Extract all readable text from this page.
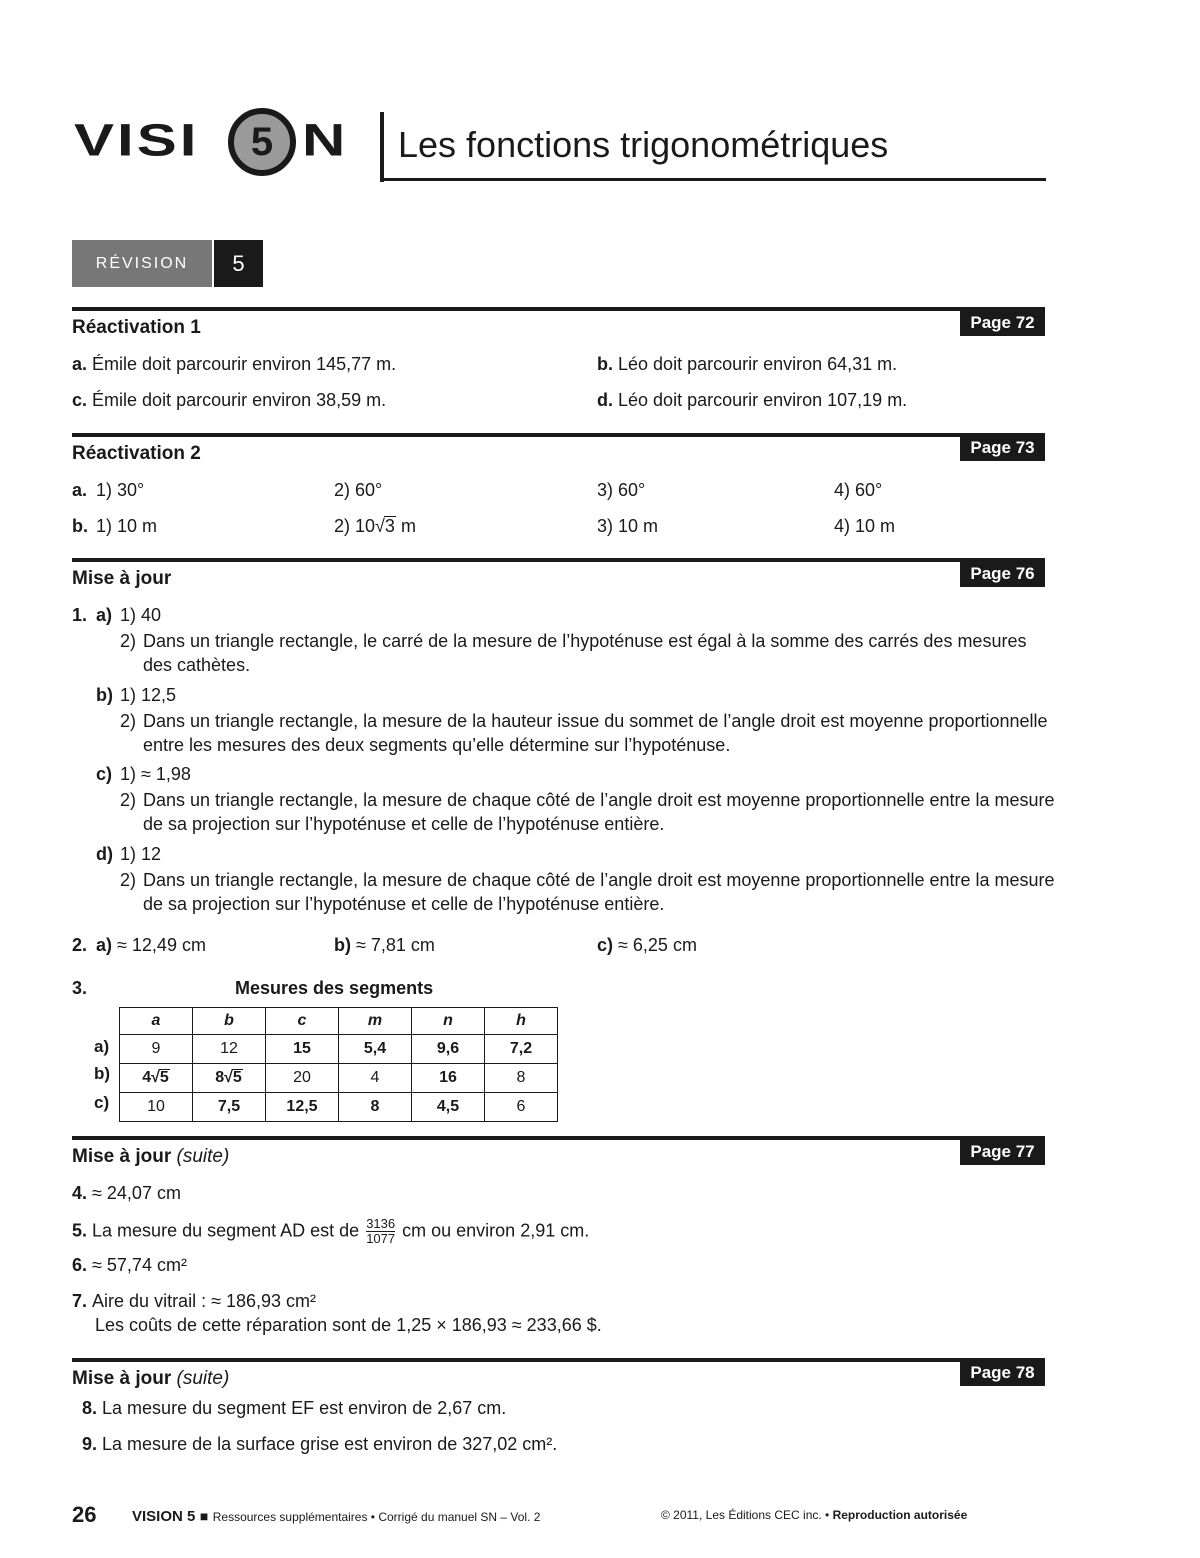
VISI	5 N Les fonctions trigonométriques
RÉVISION	5
Réactivation 1	Page 72
a. Émile doit parcourir environ 145,77 m.	b. Léo doit parcourir environ 64,31 m.
c. Émile doit parcourir environ 38,59 m.	d. Léo doit parcourir environ 107,19 m.
Réactivation 2	Page 73
a. 1) 30°	2) 60°	3) 60°	4) 60°
b. 1) 10 m	2) 10√3 m	3) 10 m	4) 10 m
Mise à jour	Page 76
1. a) 1) 40
2) Dans un triangle rectangle, le carré de la mesure de l’hypoténuse est égal à la somme des carrés des mesures
des cathètes.
b) 1) 12,5
2) Dans un triangle rectangle, la mesure de la hauteur issue du sommet de l’angle droit est moyenne proportionnelle
entre les mesures des deux segments qu’elle détermine sur l’hypoténuse.
c) 1) ≈ 1,98
2) Dans un triangle rectangle, la mesure de chaque côté de l’angle droit est moyenne proportionnelle entre la mesure
de sa projection sur l’hypoténuse et celle de l’hypoténuse entière.
d) 1) 12
2) Dans un triangle rectangle, la mesure de chaque côté de l’angle droit est moyenne proportionnelle entre la mesure
de sa projection sur l’hypoténuse et celle de l’hypoténuse entière.
2. a) ≈ 12,49 cm	b) ≈ 7,81 cm	c) ≈ 6,25 cm
3.	Mesures des segments
a)
b)
c)
a	b	c	m	n	h
9	12	15	5,4	9,6	7,2
4√5	8√5	20	4	16	8
10	7,5	12,5	8	4,5	6
Mise à jour (suite)	Page 77
4. ≈ 24,07 cm
5. La mesure du segment AD est de $\frac{3136}{1077}$ cm ou environ 2,91 cm.
6. ≈ 57,74 cm²
7. Aire du vitrail : ≈ 186,93 cm²
Les coûts de cette réparation sont de 1,25 × 186,93 ≈ 233,66 $.
Mise à jour (suite)	Page 78
8. La mesure du segment EF est environ de 2,67 cm.
9. La mesure de la surface grise est environ de 327,02 cm².
26 VISION 5 ■ Ressources supplémentaires • Corrigé du manuel SN – Vol. 2	© 2011, Les Éditions CEC inc. • Reproduction autorisée
